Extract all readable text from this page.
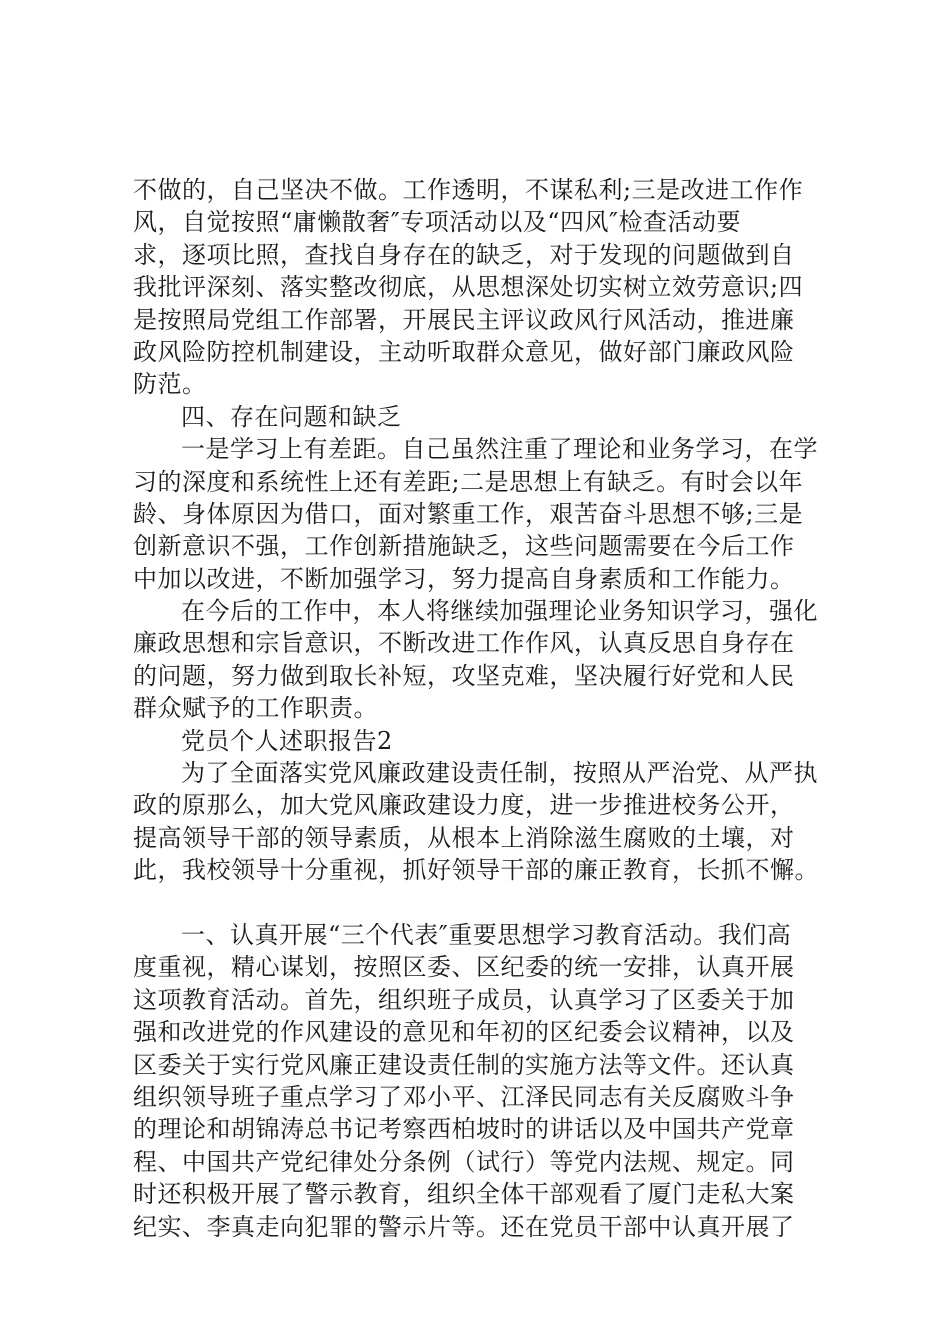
不做的，自己坚决不做。工作透明，不谋私利;三是改进工作作
风，自觉按照“庸懒散奢″专项活动以及“四风″检查活动要
求，逐项比照，查找自身存在的缺乏，对于发现的问题做到自
我批评深刻、落实整改彻底，从思想深处切实树立效劳意识;四
是按照局党组工作部署，开展民主评议政风行风活动，推进廉
政风险防控机制建设，主动听取群众意见，做好部门廉政风险
防范。
四、存在问题和缺乏
一是学习上有差距。自己虽然注重了理论和业务学习，在学
习的深度和系统性上还有差距;二是思想上有缺乏。有时会以年
龄、身体原因为借口，面对繁重工作，艰苦奋斗思想不够;三是
创新意识不强，工作创新措施缺乏，这些问题需要在今后工作
中加以改进，不断加强学习，努力提高自身素质和工作能力。
在今后的工作中，本人将继续加强理论业务知识学习，强化
廉政思想和宗旨意识，不断改进工作作风，认真反思自身存在
的问题，努力做到取长补短，攻坚克难，坚决履行好党和人民
群众赋予的工作职责。
党员个人述职报告2
为了全面落实党风廉政建设责任制，按照从严治党、从严执
政的原那么，加大党风廉政建设力度，进一步推进校务公开，
提高领导干部的领导素质，从根本上消除滋生腐败的土壤，对
此，我校领导十分重视，抓好领导干部的廉正教育，长抓不懈。
一、认真开展“三个代表″重要思想学习教育活动。我们高
度重视，精心谋划，按照区委、区纪委的统一安排，认真开展
这项教育活动。首先，组织班子成员，认真学习了区委关于加
强和改进党的作风建设的意见和年初的区纪委会议精神，以及
区委关于实行党风廉正建设责任制的实施方法等文件。还认真
组织领导班子重点学习了邓小平、江泽民同志有关反腐败斗争
的理论和胡锦涛总书记考察西柏坡时的讲话以及中国共产党章
程、中国共产党纪律处分条例（试行）等党内法规、规定。同
时还积极开展了警示教育，组织全体干部观看了厦门走私大案
纪实、李真走向犯罪的警示片等。还在党员干部中认真开展了
